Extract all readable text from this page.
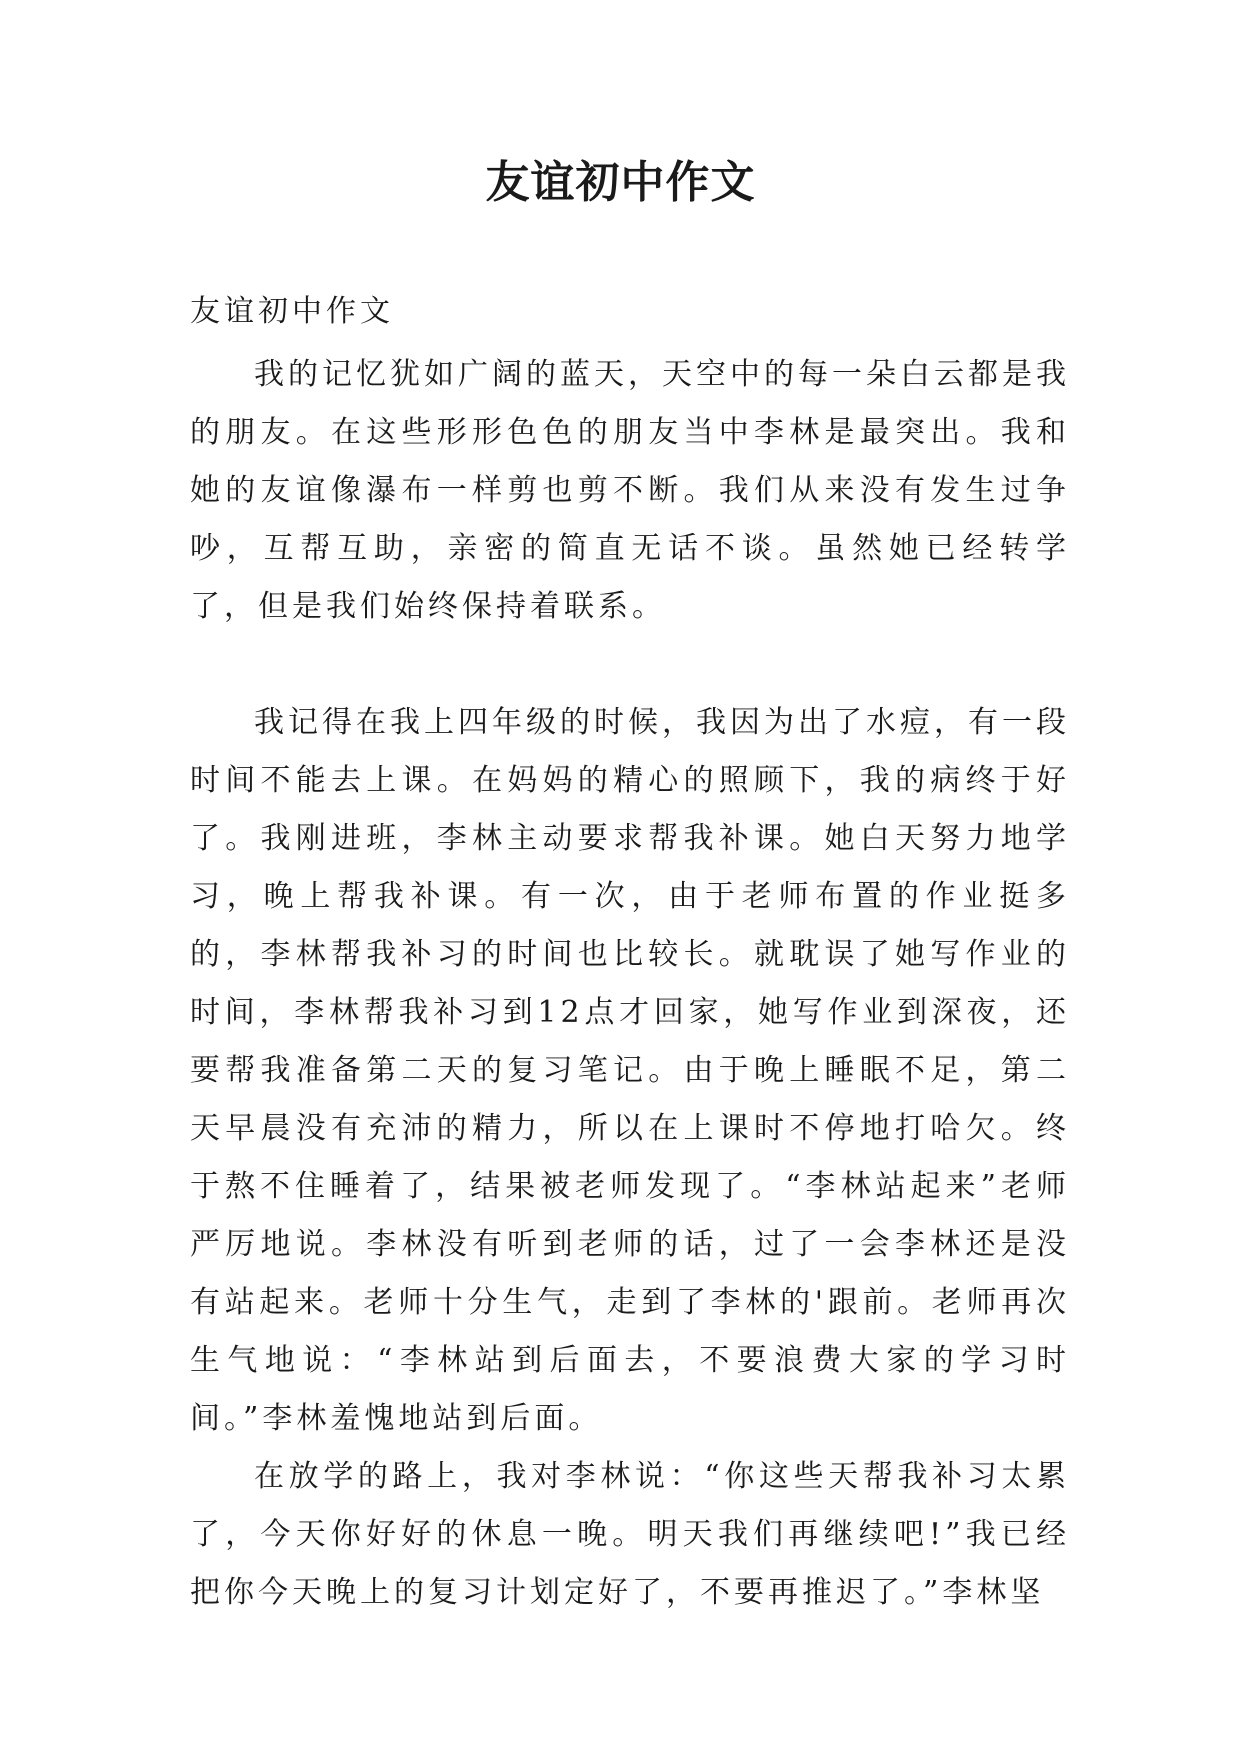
友谊初中作文

友谊初中作文

我的记忆犹如广阔的蓝天，天空中的每一朵白云都是我的朋友。在这些形形色色的朋友当中李林是最突出。我和她的友谊像瀑布一样剪也剪不断。我们从来没有发生过争吵，互帮互助，亲密的简直无话不谈。虽然她已经转学了，但是我们始终保持着联系。

我记得在我上四年级的时候，我因为出了水痘，有一段时间不能去上课。在妈妈的精心的照顾下，我的病终于好了。我刚进班，李林主动要求帮我补课。她白天努力地学习，晚上帮我补课。有一次，由于老师布置的作业挺多的，李林帮我补习的时间也比较长。就耽误了她写作业的时间，李林帮我补习到12点才回家，她写作业到深夜，还要帮我准备第二天的复习笔记。由于晚上睡眠不足，第二天早晨没有充沛的精力，所以在上课时不停地打哈欠。终于熬不住睡着了，结果被老师发现了。“李林站起来”老师严厉地说。李林没有听到老师的话，过了一会李林还是没有站起来。老师十分生气，走到了李林的'跟前。老师再次生气地说：“李林站到后面去，不要浪费大家的学习时间。”李林羞愧地站到后面。

在放学的路上，我对李林说：“你这些天帮我补习太累了，今天你好好的休息一晚。明天我们再继续吧!”我已经把你今天晚上的复习计划定好了，不要再推迟了。”李林坚
